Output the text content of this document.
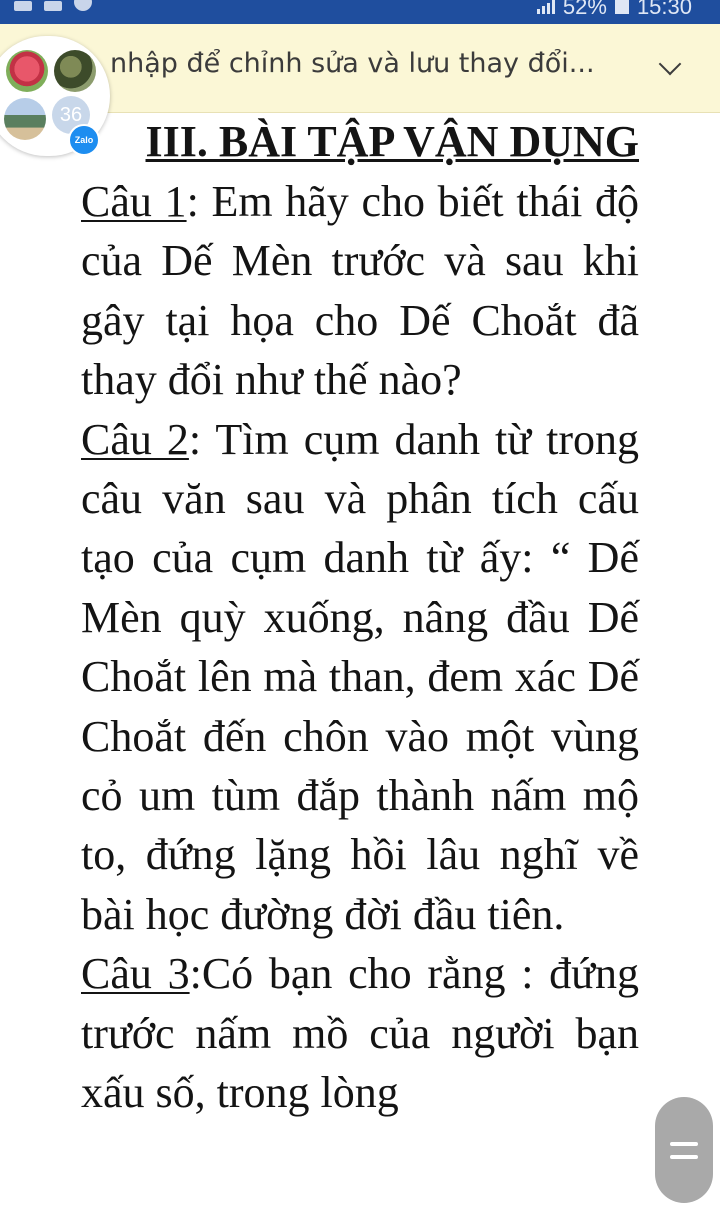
52% 15:30
nhập để chỉnh sửa và lưu thay đổi...
III. BÀI TẬP VẬN DỤNG

Câu 1: Em hãy cho biết thái độ của Dế Mèn trước và sau khi gây tại họa cho Dế Choắt đã thay đổi như thế nào?

Câu 2: Tìm cụm danh từ trong câu văn sau và phân tích cấu tạo của cụm danh từ ấy: “ Dế Mèn quỳ xuống, nâng đầu Dế Choắt lên mà than, đem xác Dế Choắt đến chôn vào một vùng cỏ um tùm đắp thành nấm mộ to, đứng lặng hồi lâu nghĩ về bài học đường đời đầu tiên.

Câu 3:Có bạn cho rằng : đứng trước nấm mồ của người bạn xấu số, trong lòng

36
Zalo
